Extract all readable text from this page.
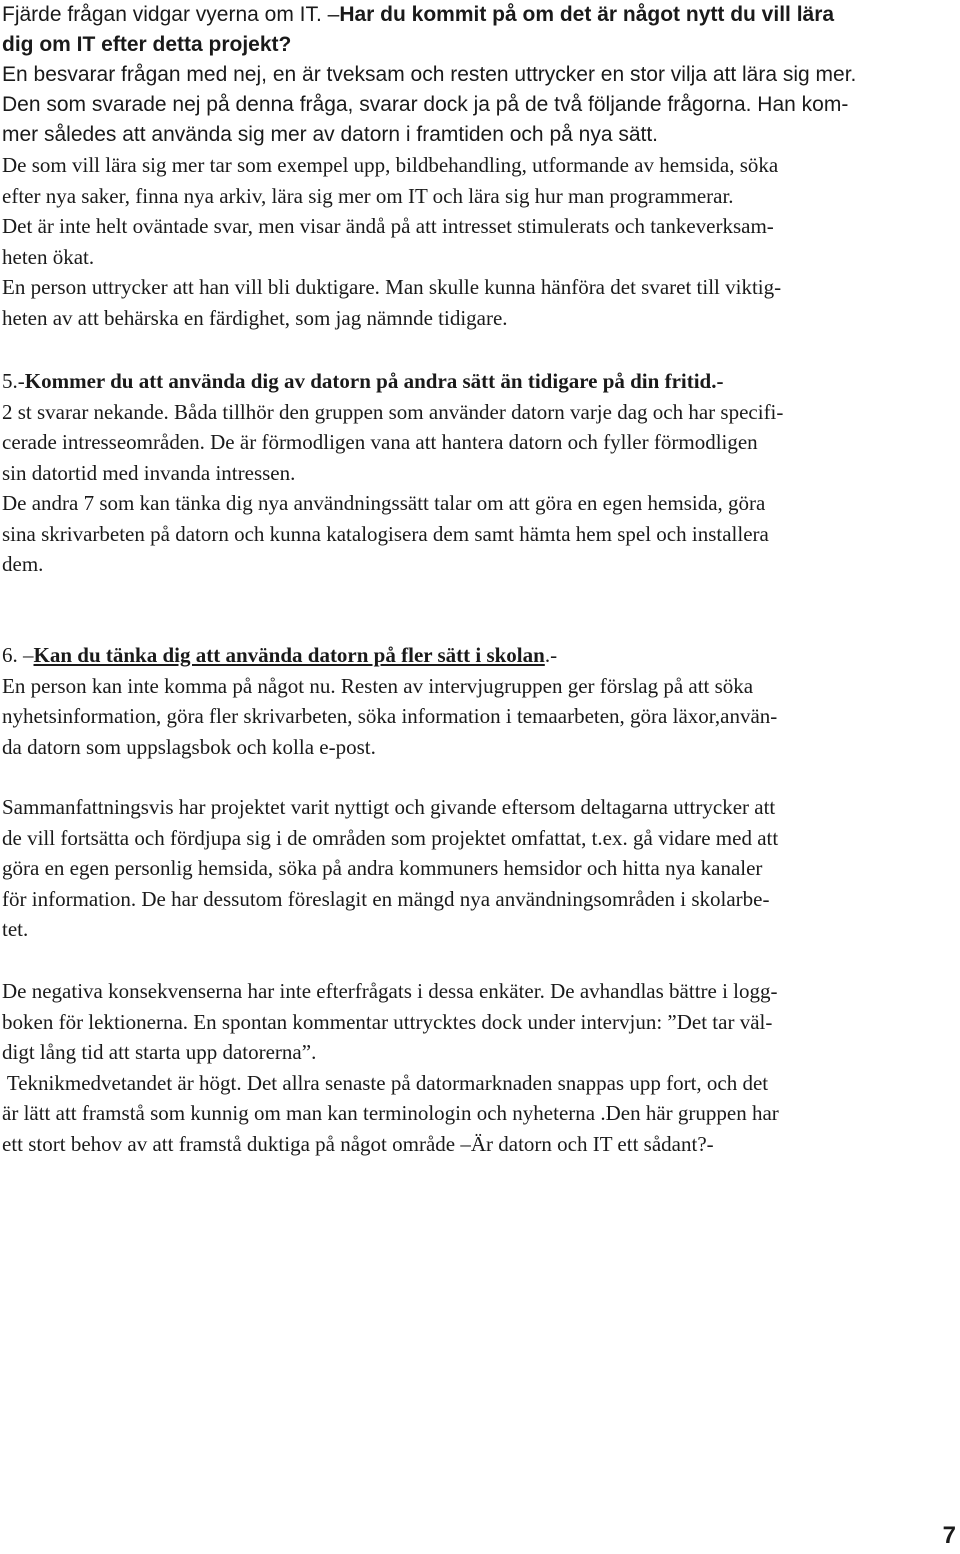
Fjärde frågan vidgar vyerna om IT. –Har du kommit på om det är något nytt du vill lära
dig om IT efter detta projekt?
En besvarar frågan med nej, en är tveksam och resten uttrycker en stor vilja att lära sig mer.
Den som svarade nej på denna fråga, svarar dock ja på de två följande frågorna. Han kom-
mer således att använda sig mer av datorn i framtiden och på nya sätt.
De som vill lära sig mer tar som exempel upp, bildbehandling, utformande av hemsida, söka
efter nya saker, finna nya arkiv, lära sig mer om IT och lära sig hur man programmerar.
Det är inte helt oväntade svar, men visar ändå på att intresset stimulerats och tankeverksam-
heten ökat.
En person uttrycker att han vill bli duktigare. Man skulle kunna hänföra det svaret till viktig-
heten av att behärska en färdighet, som jag nämnde tidigare.
5.-Kommer du att använda dig av datorn på andra sätt än tidigare på din fritid.-
2 st svarar nekande. Båda tillhör den gruppen som använder datorn varje dag och har specifi-
cerade intresseområden. De är förmodligen vana att hantera datorn och fyller förmodligen
sin datortid med invanda intressen.
De andra 7 som kan tänka dig nya användningssätt talar om att göra en egen hemsida, göra
sina skrivarbeten på datorn och kunna katalogisera dem samt hämta hem spel och installera
dem.
6. –Kan du tänka dig att använda datorn på fler sätt i skolan.-
En person kan inte komma på något nu. Resten av intervjugruppen ger förslag på att söka
nyhetsinformation, göra fler skrivarbeten, söka information i temaarbeten, göra läxor,använ-
da datorn som uppslagsbok och kolla e-post.
Sammanfattningsvis har projektet varit nyttigt och givande eftersom deltagarna uttrycker att
de vill fortsätta och fördjupa sig i de områden som projektet omfattat, t.ex. gå vidare med att
göra en egen personlig hemsida, söka på andra kommuners hemsidor och hitta nya kanaler
för information. De har dessutom föreslagit en mängd nya användningsområden i skolarbe-
tet.
De negativa konsekvenserna har inte efterfrågats i dessa enkäter. De avhandlas bättre i logg-
boken för lektionerna. En spontan kommentar uttrycktes dock under intervjun: ”Det tar väl-
digt lång tid att starta upp datorerna”.
Teknikmedvetandet är högt. Det allra senaste på datormarknaden snappas upp fort, och det
är lätt att framstå som kunnig om man kan terminologin och nyheterna .Den här gruppen har
ett stort behov av att framstå duktiga på något område –Är datorn och IT ett sådant?-
7
